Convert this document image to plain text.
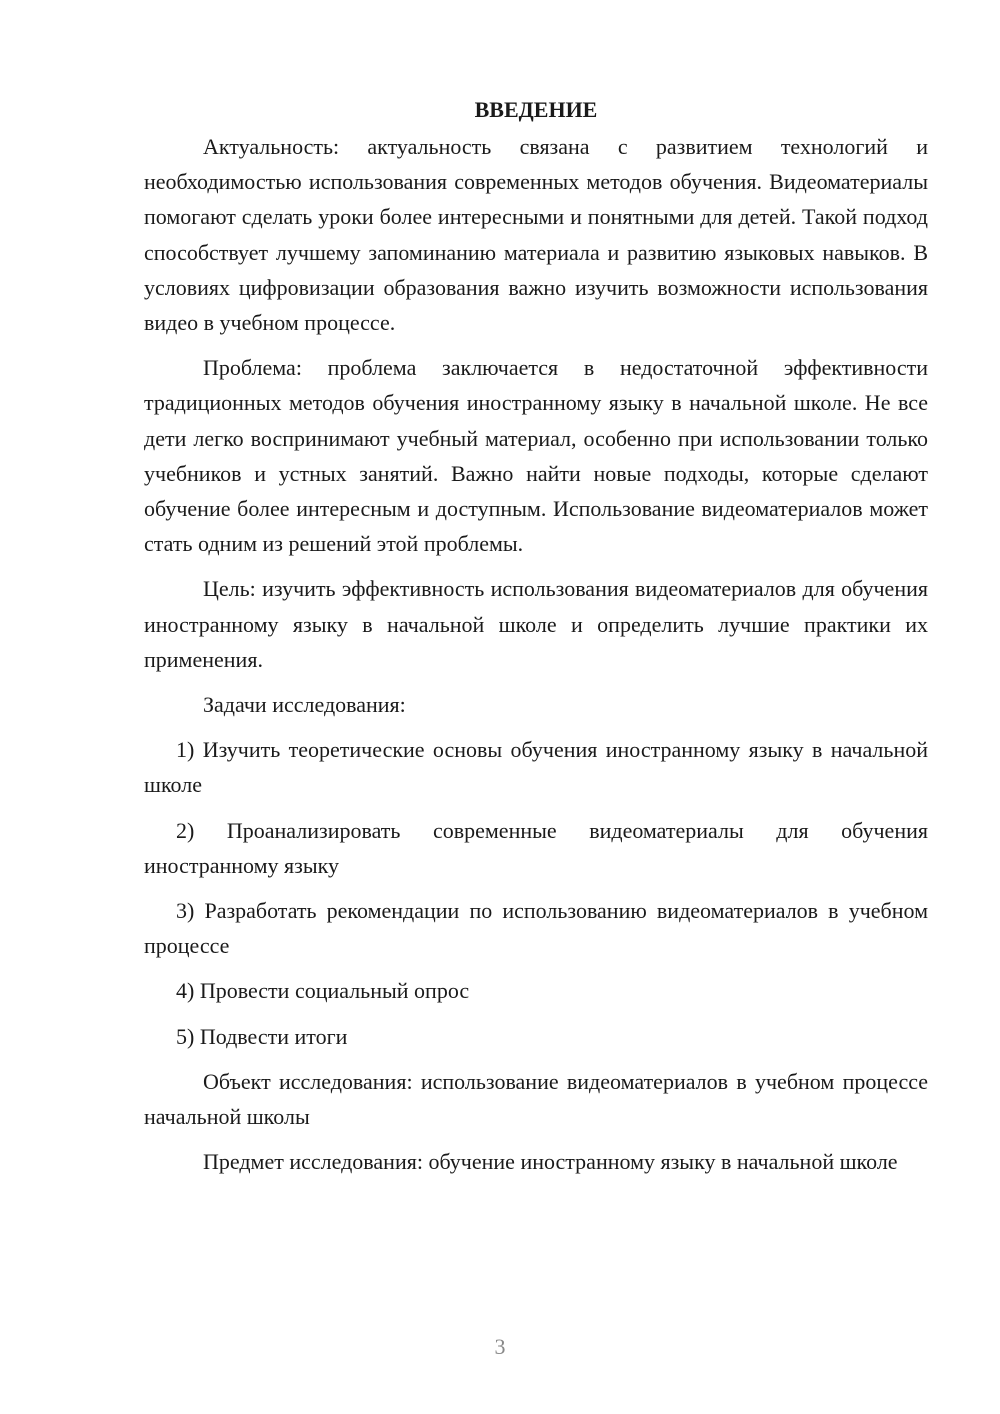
ВВЕДЕНИЕ

Актуальность: актуальность связана с развитием технологий и необходимостью использования современных методов обучения. Видеоматериалы помогают сделать уроки более интересными и понятными для детей. Такой подход способствует лучшему запоминанию материала и развитию языковых навыков. В условиях цифровизации образования важно изучить возможности использования видео в учебном процессе.

Проблема: проблема заключается в недостаточной эффективности традиционных методов обучения иностранному языку в начальной школе. Не все дети легко воспринимают учебный материал, особенно при использовании только учебников и устных занятий. Важно найти новые подходы, которые сделают обучение более интересным и доступным. Использование видеоматериалов может стать одним из решений этой проблемы.

Цель: изучить эффективность использования видеоматериалов для обучения иностранному языку в начальной школе и определить лучшие практики их применения.

Задачи исследования:

1) Изучить теоретические основы обучения иностранному языку в начальной школе

2) Проанализировать современные видеоматериалы для обучения иностранному языку

3) Разработать рекомендации по использованию видеоматериалов в учебном процессе

4) Провести социальный опрос

5) Подвести итоги

Объект исследования: использование видеоматериалов в учебном процессе начальной школы

Предмет исследования: обучение иностранному языку в начальной школе

3
